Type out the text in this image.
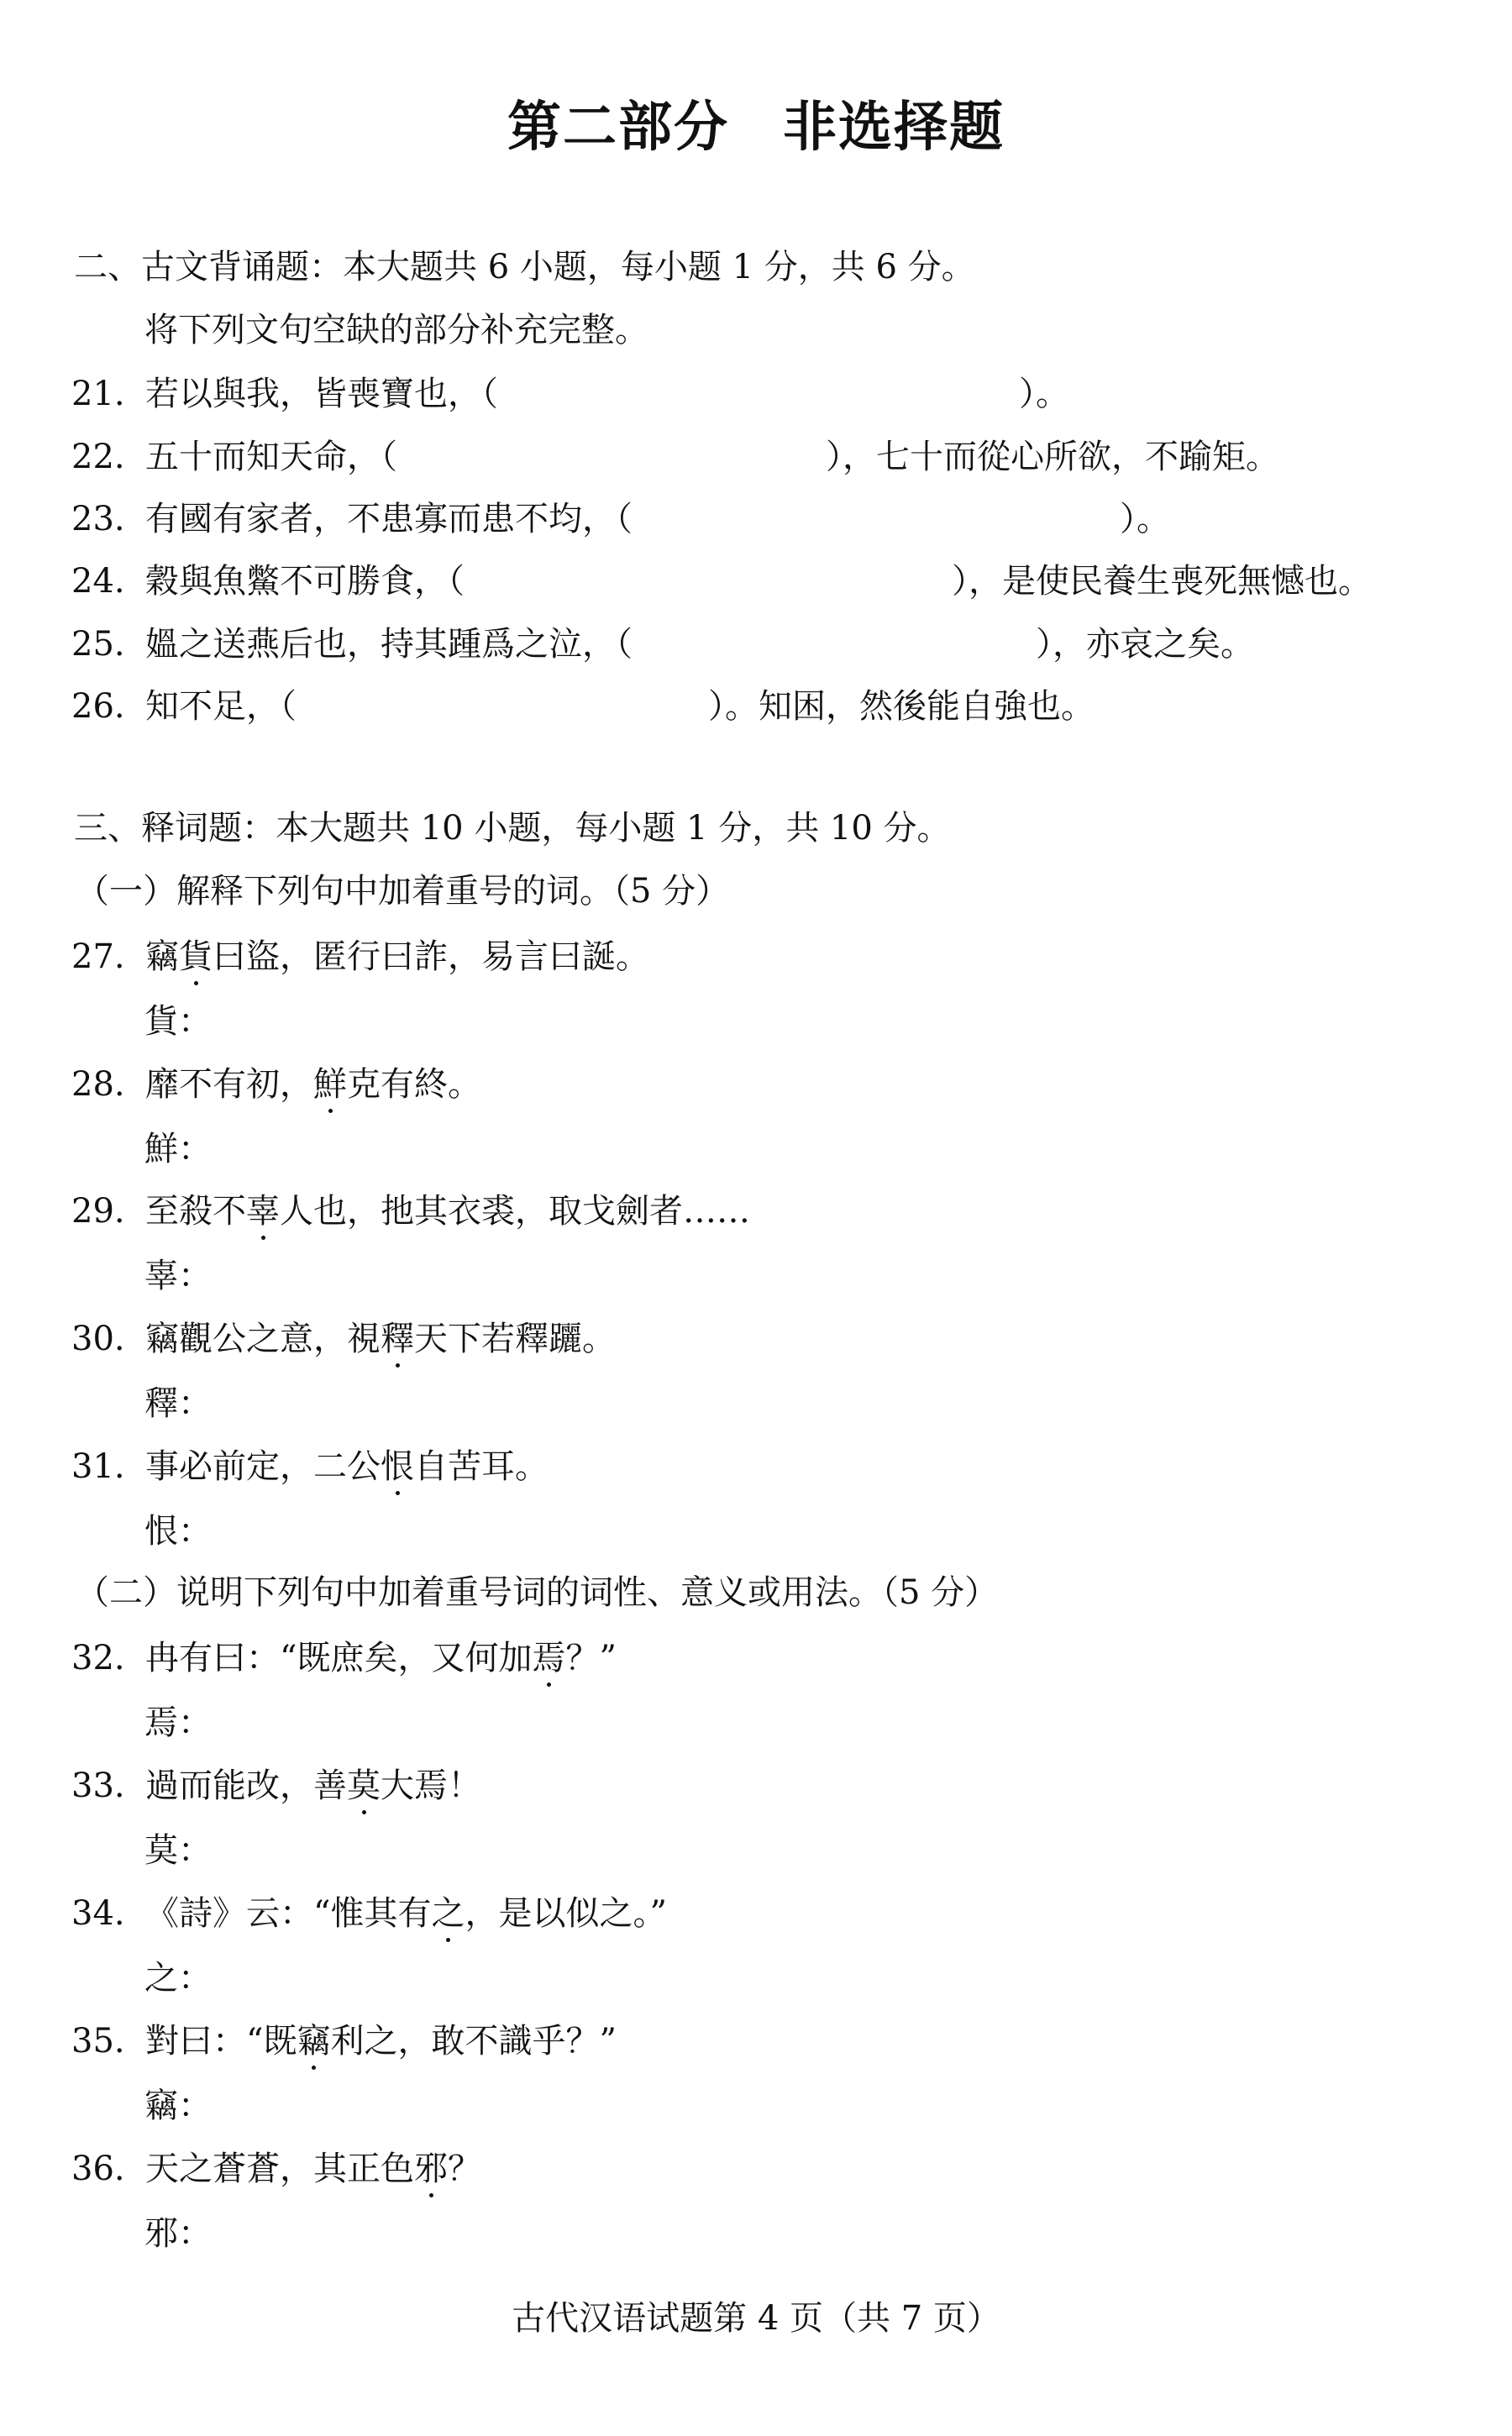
第二部分 非选择题
二、古文背诵题：本大题共 6 小题，每小题 1 分，共 6 分。
将下列文句空缺的部分补充完整。
21. 若以與我，皆喪寶也，（	）。
22. 五十而知天命，（	），七十而從心所欲，不踰矩。
23. 有國有家者，不患寡而患不均，（	）。
24. 穀與魚鱉不可勝食，（	），是使民養生喪死無憾也。
25. 媼之送燕后也，持其踵爲之泣，（	），亦哀之矣。
26. 知不足，（	）。知困，然後能自強也。
三、释词题：本大题共 10 小题，每小题 1 分，共 10 分。
（一）解释下列句中加着重号的词。（5 分）
27. 竊貨曰盜，匿行曰詐，易言曰誕。
貨：
28. 靡不有初，鮮克有終。
鮮：
29. 至殺不辜人也，扡其衣裘，取戈劍者……
辜：
30. 竊觀公之意，視釋天下若釋躧。
釋：
31. 事必前定，二公恨自苦耳。
恨：
（二）说明下列句中加着重号词的词性、意义或用法。（5 分）
32. 冉有曰：“既庶矣，又何加焉？”
焉：
33. 過而能改，善莫大焉！
莫：
34. 《詩》云：“惟其有之，是以似之。”
之：
35. 對曰：“既竊利之，敢不識乎？”
竊：
36. 天之蒼蒼，其正色邪？
邪：
古代汉语试题第 4 页（共 7 页）
